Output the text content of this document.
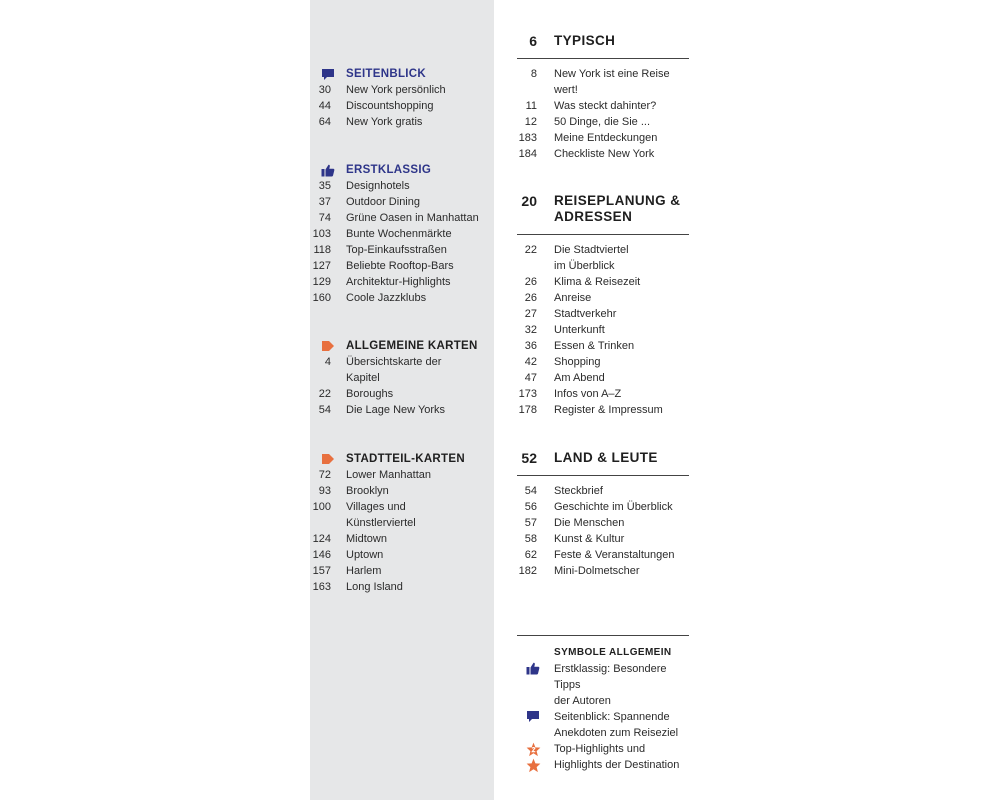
SEITENBLICK
30 New York persönlich
44 Discountshopping
64 New York gratis
ERSTKLASSIG
35 Designhotels
37 Outdoor Dining
74 Grüne Oasen in Manhattan
103 Bunte Wochenmärkte
118 Top-Einkaufsstraßen
127 Beliebte Rooftop-Bars
129 Architektur-Highlights
160 Coole Jazzklubs
ALLGEMEINE KARTEN
4 Übersichtskarte der
Kapitel
22 Boroughs
54 Die Lage New Yorks
STADTTEIL-KARTEN
72 Lower Manhattan
93 Brooklyn
100 Villages und
Künstlerviertel
124 Midtown
146 Uptown
157 Harlem
163 Long Island
6 TYPISCH
8 New York ist eine Reise
wert!
11 Was steckt dahinter?
12 50 Dinge, die Sie ...
183 Meine Entdeckungen
184 Checkliste New York
20 REISEPLANUNG &
ADRESSEN
22 Die Stadtviertel
im Überblick
26 Klima & Reisezeit
26 Anreise
27 Stadtverkehr
32 Unterkunft
36 Essen & Trinken
42 Shopping
47 Am Abend
173 Infos von A–Z
178 Register & Impressum
52 LAND & LEUTE
54 Steckbrief
56 Geschichte im Überblick
57 Die Menschen
58 Kunst & Kultur
62 Feste & Veranstaltungen
182 Mini-Dolmetscher
SYMBOLE ALLGEMEIN
Erstklassig: Besondere Tipps
der Autoren
Seitenblick: Spannende
Anekdoten zum Reiseziel
Top-Highlights und
Highlights der Destination
